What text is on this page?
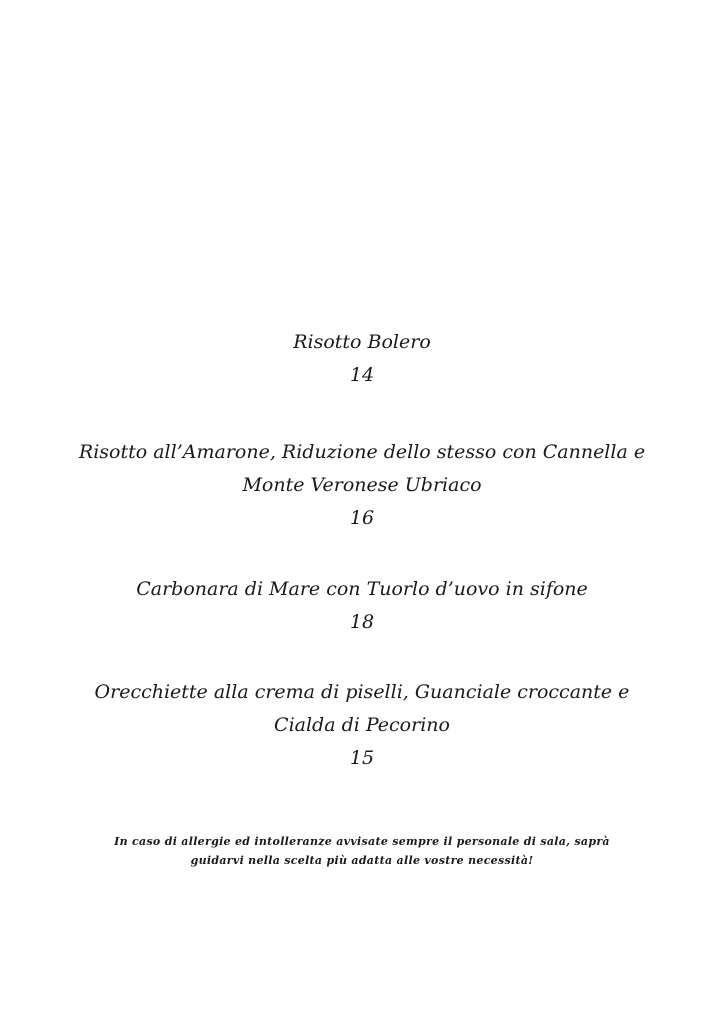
Risotto Bolero

14

Risotto all’Amarone, Riduzione dello stesso con Cannella e
Monte Veronese Ubriaco

16

Carbonara di Mare con Tuorlo d’uovo in sifone

18

Orecchiette alla crema di piselli, Guanciale croccante e
Cialda di Pecorino

15

In caso di allergie ed intolleranze avvisate sempre il personale di sala, saprà
guidarvi nella scelta più adatta alle vostre necessità!
